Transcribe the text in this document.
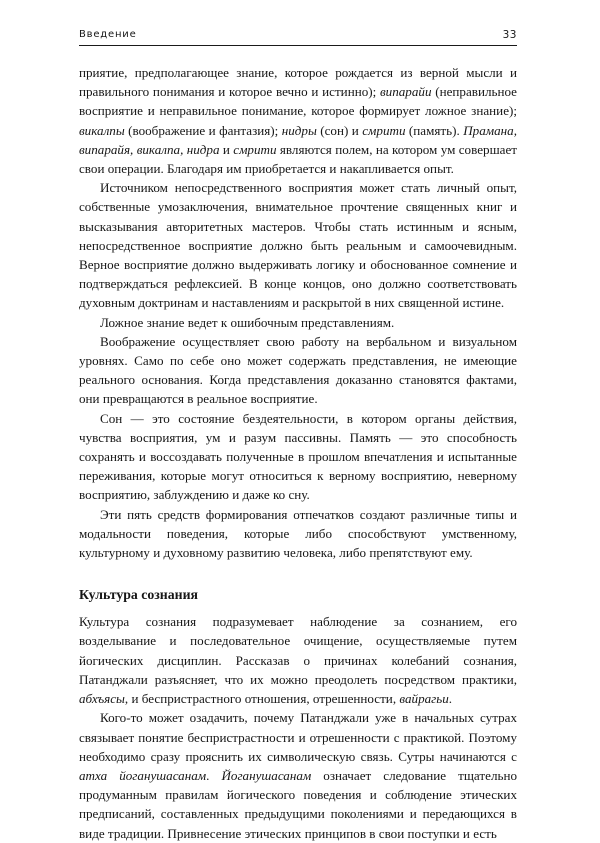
Введение	33

приятие, предполагающее знание, которое рождается из верной мысли и правильного понимания и которое вечно и истинно); випарайи (неправильное восприятие и неправильное понимание, которое формирует ложное знание); викалпы (воображение и фантазия); нидры (сон) и смрити (память). Прамана, випарайя, викалпа, нидра и смрити являются полем, на котором ум совершает свои операции. Благодаря им приобретается и накапливается опыт.

Источником непосредственного восприятия может стать личный опыт, собственные умозаключения, внимательное прочтение священных книг и высказывания авторитетных мастеров. Чтобы стать истинным и ясным, непосредственное восприятие должно быть реальным и самоочевидным. Верное восприятие должно выдерживать логику и обоснованное сомнение и подтверждаться рефлексией. В конце концов, оно должно соответствовать духовным доктринам и наставлениям и раскрытой в них священной истине.

Ложное знание ведет к ошибочным представлениям.

Воображение осуществляет свою работу на вербальном и визуальном уровнях. Само по себе оно может содержать представления, не имеющие реального основания. Когда представления доказанно становятся фактами, они превращаются в реальное восприятие.

Сон — это состояние бездеятельности, в котором органы действия, чувства восприятия, ум и разум пассивны. Память — это способность сохранять и воссоздавать полученные в прошлом впечатления и испытанные переживания, которые могут относиться к верному восприятию, неверному восприятию, заблуждению и даже ко сну.

Эти пять средств формирования отпечатков создают различные типы и модальности поведения, которые либо способствуют умственному, культурному и духовному развитию человека, либо препятствуют ему.

Культура сознания

Культура сознания подразумевает наблюдение за сознанием, его возделывание и последовательное очищение, осуществляемые путем йогических дисциплин. Рассказав о причинах колебаний сознания, Патанджали разъясняет, что их можно преодолеть посредством практики, абхъясы, и беспристрастного отношения, отрешенности, вайрагьи.

Кого-то может озадачить, почему Патанджали уже в начальных сутрах связывает понятие беспристрастности и отрешенности с практикой. Поэтому необходимо сразу прояснить их символическую связь. Сутры начинаются с атха йоганушасанам. Йоганушасанам означает следование тщательно продуманным правилам йогического поведения и соблюдение этических предписаний, составленных предыдущими поколениями и передающихся в виде традиции. Привнесение этических принципов в свои поступки и есть
